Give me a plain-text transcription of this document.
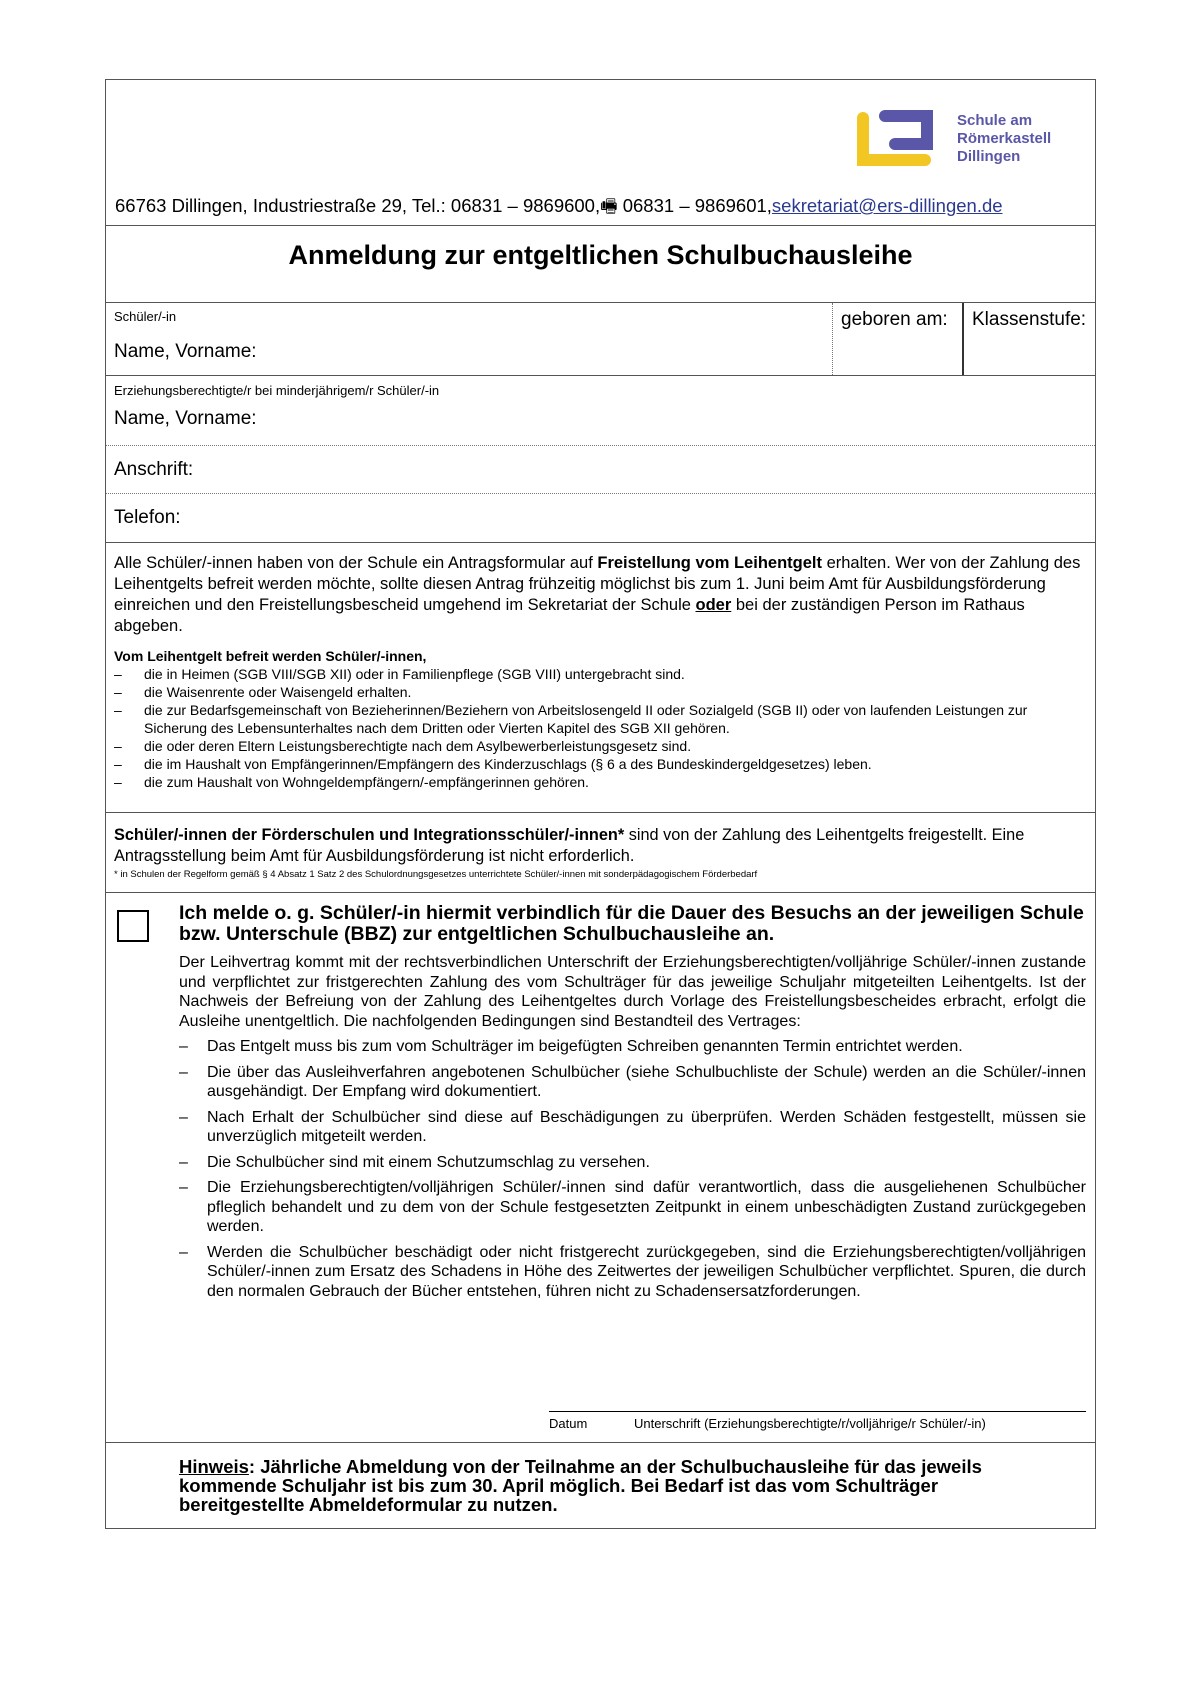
Schule am
Römerkastell
Dillingen
66763 Dillingen, Industriestraße 29, Tel.: 06831 – 9869600,🖷 06831 – 9869601,sekretariat@ers-dillingen.de
Anmeldung zur entgeltlichen Schulbuchausleihe
Schüler/-in
Name, Vorname:
geboren am: Klassenstufe:
Erziehungsberechtigte/r bei minderjährigem/r Schüler/-in
Name, Vorname:
Anschrift:
Telefon:
Alle Schüler/-innen haben von der Schule ein Antragsformular auf Freistellung vom Leihentgelt erhalten. Wer von der Zahlung des Leihentgelts befreit werden möchte, sollte diesen Antrag frühzeitig möglichst bis zum 1. Juni beim Amt für Ausbildungsförderung einreichen und den Freistellungsbescheid umgehend im Sekretariat der Schule oder bei der zuständigen Person im Rathaus abgeben.
Vom Leihentgelt befreit werden Schüler/-innen,
– die in Heimen (SGB VIII/SGB XII) oder in Familienpflege (SGB VIII) untergebracht sind.
– die Waisenrente oder Waisengeld erhalten.
– die zur Bedarfsgemeinschaft von Bezieherinnen/Beziehern von Arbeitslosengeld II oder Sozialgeld (SGB II) oder von laufenden Leistungen zur Sicherung des Lebensunterhaltes nach dem Dritten oder Vierten Kapitel des SGB XII gehören.
– die oder deren Eltern Leistungsberechtigte nach dem Asylbewerberleistungsgesetz sind.
– die im Haushalt von Empfängerinnen/Empfängern des Kinderzuschlags (§ 6 a des Bundeskindergeldgesetzes) leben.
– die zum Haushalt von Wohngeldempfängern/-empfängerinnen gehören.
Schüler/-innen der Förderschulen und Integrationsschüler/-innen* sind von der Zahlung des Leihentgelts freigestellt. Eine Antragsstellung beim Amt für Ausbildungsförderung ist nicht erforderlich.
* in Schulen der Regelform gemäß § 4 Absatz 1 Satz 2 des Schulordnungsgesetzes unterrichtete Schüler/-innen mit sonderpädagogischem Förderbedarf
Ich melde o. g. Schüler/-in hiermit verbindlich für die Dauer des Besuchs an der jeweiligen Schule bzw. Unterschule (BBZ) zur entgeltlichen Schulbuchausleihe an.
Der Leihvertrag kommt mit der rechtsverbindlichen Unterschrift der Erziehungsberechtigten/volljährige Schüler/-innen zustande und verpflichtet zur fristgerechten Zahlung des vom Schulträger für das jeweilige Schuljahr mitgeteilten Leihentgelts. Ist der Nachweis der Befreiung von der Zahlung des Leihentgeltes durch Vorlage des Freistellungsbescheides erbracht, erfolgt die Ausleihe unentgeltlich. Die nachfolgenden Bedingungen sind Bestandteil des Vertrages:
– Das Entgelt muss bis zum vom Schulträger im beigefügten Schreiben genannten Termin entrichtet werden.
– Die über das Ausleihverfahren angebotenen Schulbücher (siehe Schulbuchliste der Schule) werden an die Schüler/-innen ausgehändigt. Der Empfang wird dokumentiert.
– Nach Erhalt der Schulbücher sind diese auf Beschädigungen zu überprüfen. Werden Schäden festgestellt, müssen sie unverzüglich mitgeteilt werden.
– Die Schulbücher sind mit einem Schutzumschlag zu versehen.
– Die Erziehungsberechtigten/volljährigen Schüler/-innen sind dafür verantwortlich, dass die ausgeliehenen Schulbücher pfleglich behandelt und zu dem von der Schule festgesetzten Zeitpunkt in einem unbeschädigten Zustand zurückgegeben werden.
– Werden die Schulbücher beschädigt oder nicht fristgerecht zurückgegeben, sind die Erziehungsberechtigten/volljährigen Schüler/-innen zum Ersatz des Schadens in Höhe des Zeitwertes der jeweiligen Schulbücher verpflichtet. Spuren, die durch den normalen Gebrauch der Bücher entstehen, führen nicht zu Schadensersatzforderungen.
Datum	Unterschrift (Erziehungsberechtigte/r/volljährige/r Schüler/-in)
Hinweis: Jährliche Abmeldung von der Teilnahme an der Schulbuchausleihe für das jeweils kommende Schuljahr ist bis zum 30. April möglich. Bei Bedarf ist das vom Schulträger bereitgestellte Abmeldeformular zu nutzen.
